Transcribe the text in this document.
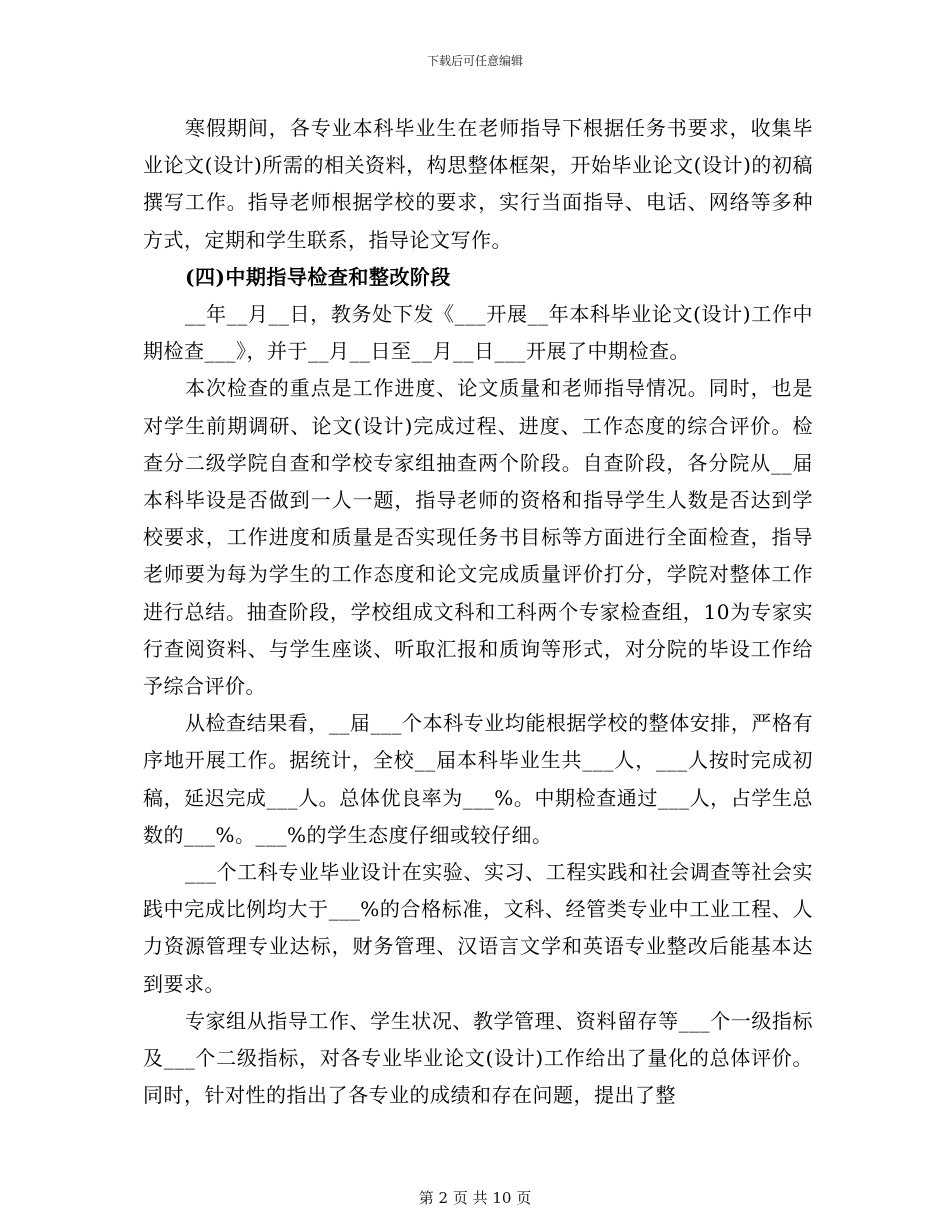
下载后可任意编辑

寒假期间，各专业本科毕业生在老师指导下根据任务书要求，收集毕业论文(设计)所需的相关资料，构思整体框架，开始毕业论文(设计)的初稿撰写工作。指导老师根据学校的要求，实行当面指导、电话、网络等多种方式，定期和学生联系，指导论文写作。

(四)中期指导检查和整改阶段

__年__月__日，教务处下发《___开展__年本科毕业论文(设计)工作中期检查___》，并于__月__日至__月__日___开展了中期检查。

本次检查的重点是工作进度、论文质量和老师指导情况。同时，也是对学生前期调研、论文(设计)完成过程、进度、工作态度的综合评价。检查分二级学院自查和学校专家组抽查两个阶段。自查阶段，各分院从__届本科毕设是否做到一人一题，指导老师的资格和指导学生人数是否达到学校要求，工作进度和质量是否实现任务书目标等方面进行全面检查，指导老师要为每为学生的工作态度和论文完成质量评价打分，学院对整体工作进行总结。抽查阶段，学校组成文科和工科两个专家检查组，10为专家实行查阅资料、与学生座谈、听取汇报和质询等形式，对分院的毕设工作给予综合评价。

从检查结果看，__届___个本科专业均能根据学校的整体安排，严格有序地开展工作。据统计，全校__届本科毕业生共___人，___人按时完成初稿，延迟完成___人。总体优良率为___%。中期检查通过___人，占学生总数的___%。___%的学生态度仔细或较仔细。

___个工科专业毕业设计在实验、实习、工程实践和社会调查等社会实践中完成比例均大于___%的合格标准，文科、经管类专业中工业工程、人力资源管理专业达标，财务管理、汉语言文学和英语专业整改后能基本达到要求。

专家组从指导工作、学生状况、教学管理、资料留存等___个一级指标及___个二级指标，对各专业毕业论文(设计)工作给出了量化的总体评价。同时，针对性的指出了各专业的成绩和存在问题，提出了整

第 2 页 共 10 页
